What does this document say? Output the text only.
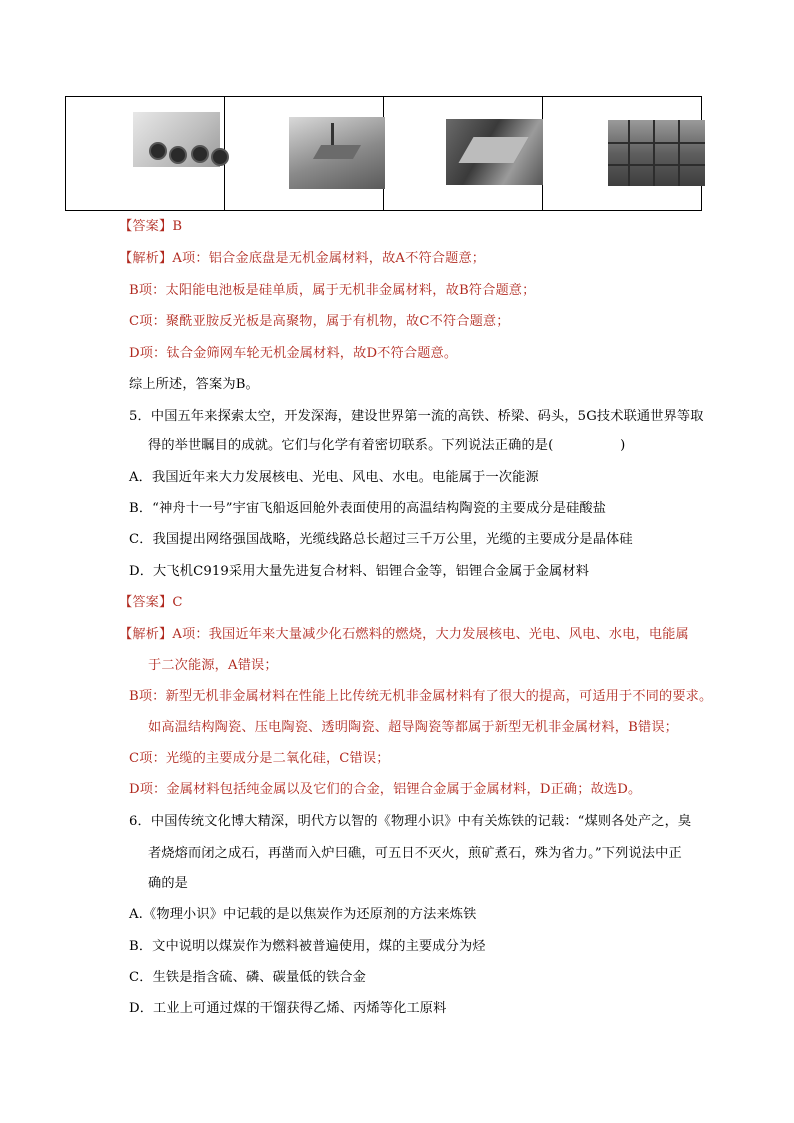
【答案】B
【解析】A项：铝合金底盘是无机金属材料，故A不符合题意；
B项：太阳能电池板是硅单质，属于无机非金属材料，故B符合题意；
C项：聚酰亚胺反光板是高聚物，属于有机物，故C不符合题意；
D项：钛合金筛网车轮无机金属材料，故D不符合题意。
综上所述，答案为B。
5．中国五年来探索太空，开发深海，建设世界第一流的高铁、桥梁、码头，5G技术联通世界等取
得的举世瞩目的成就。它们与化学有着密切联系。下列说法正确的是(　　　　　)
A．我国近年来大力发展核电、光电、风电、水电。电能属于一次能源
B．“神舟十一号”宇宙飞船返回舱外表面使用的高温结构陶瓷的主要成分是硅酸盐
C．我国提出网络强国战略，光缆线路总长超过三千万公里，光缆的主要成分是晶体硅
D．大飞机C919采用大量先进复合材料、铝锂合金等，铝锂合金属于金属材料
【答案】C
【解析】A项：我国近年来大量减少化石燃料的燃烧，大力发展核电、光电、风电、水电，电能属
于二次能源，A错误；
B项：新型无机非金属材料在性能上比传统无机非金属材料有了很大的提高，可适用于不同的要求。
如高温结构陶瓷、压电陶瓷、透明陶瓷、超导陶瓷等都属于新型无机非金属材料，B错误；
C项：光缆的主要成分是二氧化硅，C错误；
D项：金属材料包括纯金属以及它们的合金，铝锂合金属于金属材料，D正确；故选D。
6．中国传统文化博大精深，明代方以智的《物理小识》中有关炼铁的记载：“煤则各处产之，臭
者烧熔而闭之成石，再凿而入炉曰礁，可五日不灭火，煎矿煮石，殊为省力。”下列说法中正
确的是
A.《物理小识》中记载的是以焦炭作为还原剂的方法来炼铁
B．文中说明以煤炭作为燃料被普遍使用，煤的主要成分为烃
C．生铁是指含硫、磷、碳量低的铁合金
D．工业上可通过煤的干馏获得乙烯、丙烯等化工原料
